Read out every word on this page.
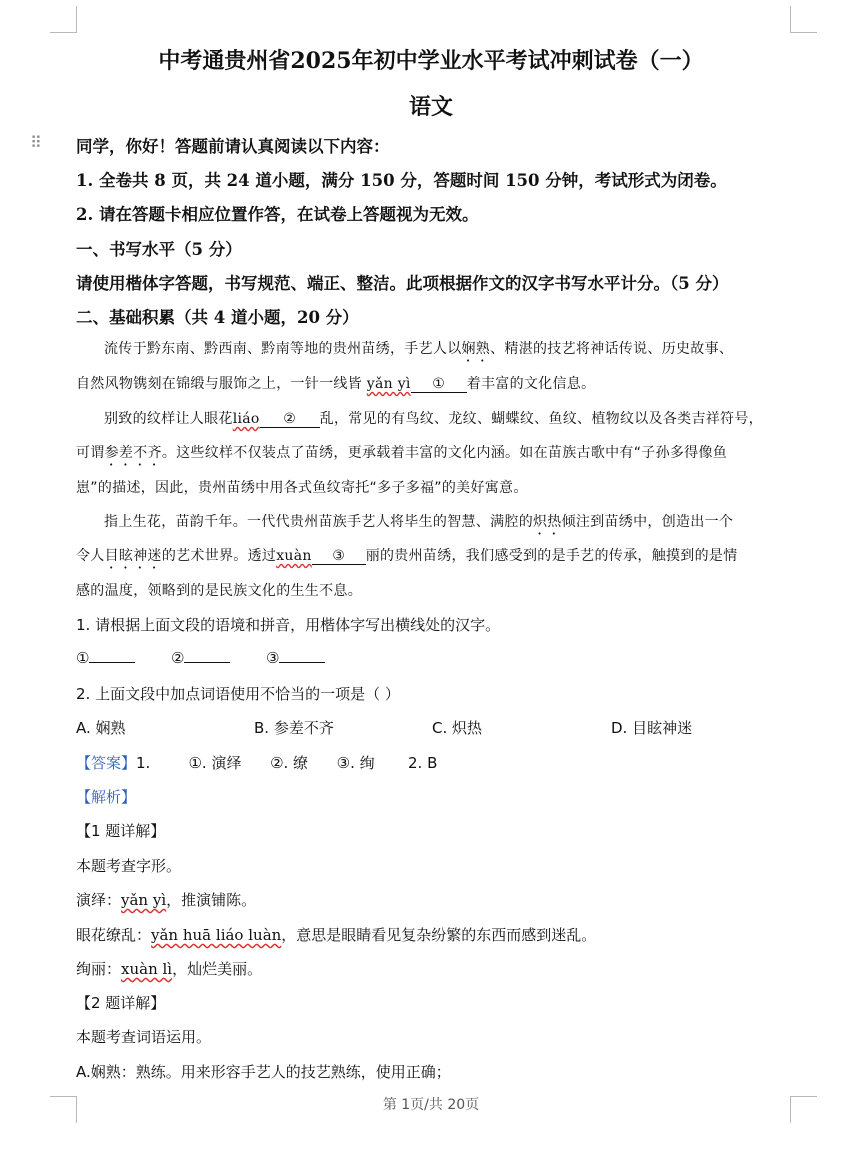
⠿
中考通贵州省2025年初中学业水平考试冲刺试卷（一）
语文
同学，你好！答题前请认真阅读以下内容：
1. 全卷共 8 页，共 24 道小题，满分 150 分，答题时间 150 分钟，考试形式为闭卷。
2. 请在答题卡相应位置作答，在试卷上答题视为无效。
一、书写水平（5 分）
请使用楷体字答题，书写规范、端正、整洁。此项根据作文的汉字书写水平计分。（5 分）
二、基础积累（共 4 道小题，20 分）
流传于黔东南、黔西南、黔南等地的贵州苗绣，手艺人以娴熟、精湛的技艺将神话传说、历史故事、
自然风物镌刻在锦缎与服饰之上，一针一线皆 yǎn yì ① 着丰富的文化信息。
别致的纹样让人眼花liáo ② 乱，常见的有鸟纹、龙纹、蝴蝶纹、鱼纹、植物纹以及各类吉祥符号，
可谓参差不齐。这些纹样不仅装点了苗绣，更承载着丰富的文化内涵。如在苗族古歌中有“子孙多得像鱼
崽”的描述，因此，贵州苗绣中用各式鱼纹寄托“多子多福”的美好寓意。
指上生花，苗韵千年。一代代贵州苗族手艺人将毕生的智慧、满腔的炽热倾注到苗绣中，创造出一个
令人目眩神迷的艺术世界。透过xuàn ③ 丽的贵州苗绣，我们感受到的是手艺的传承，触摸到的是情
感的温度，领略到的是民族文化的生生不息。
1. 请根据上面文段的语境和拼音，用楷体字写出横线处的汉字。
①	②	③
2. 上面文段中加点词语使用不恰当的一项是（ ）
A. 娴熟	B. 参差不齐	C. 炽热	D. 目眩神迷
【答案】1.        ①. 演绎      ②. 缭      ③. 绚       2. B
【解析】
【1 题详解】
本题考查字形。
演绎：yǎn yì，推演铺陈。
眼花缭乱：yǎn huā liáo luàn，意思是眼睛看见复杂纷繁的东西而感到迷乱。
绚丽：xuàn lì，灿烂美丽。
【2 题详解】
本题考查词语运用。
A.娴熟：熟练。用来形容手艺人的技艺熟练，使用正确；
第 1页/共 20页
